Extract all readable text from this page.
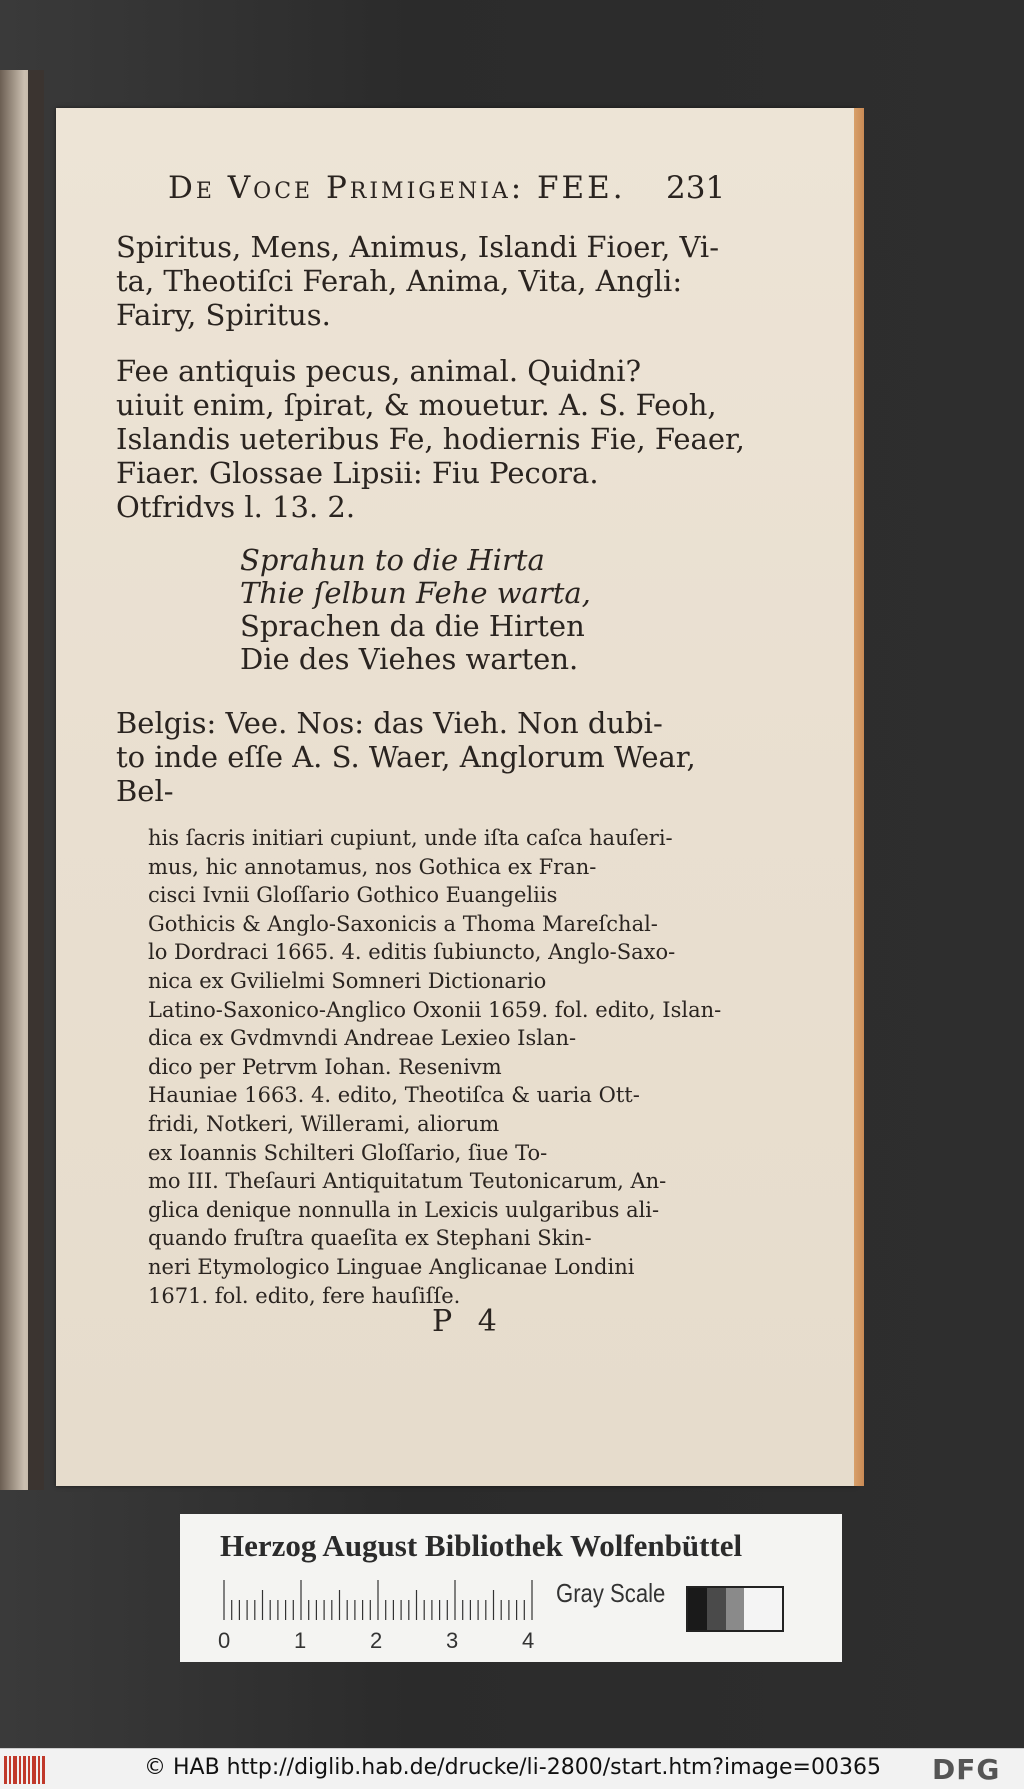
De Voce Primigenia: FEE. 231
Spiritus, Mens, Animus, Islandi Fioer, Vi-
ta, Theotiſci Ferah, Anima, Vita, Angli:
Fairy, Spiritus.
Fee antiquis pecus, animal. Quidni?
uiuit enim, ſpirat, & mouetur. A. S. Feoh,
Islandis ueteribus Fe, hodiernis Fie, Feaer,
Fiaer. Glossae Lipsii: Fiu Pecora.
Otfridvs l. 13. 2.
Sprahun to die Hirta
Thie ſelbun Fehe warta,
Sprachen da die Hirten
Die des Viehes warten.
Belgis: Vee. Nos: das Vieh. Non dubi-
to inde eſſe A. S. Waer, Anglorum Wear,
Bel-
his ſacris initiari cupiunt, unde iſta caſca hauſeri-
mus, hic annotamus, nos Gothica ex Fran-
cisci Ivnii Gloſſario Gothico Euangeliis
Gothicis & Anglo-Saxonicis a Thoma Mareſchal-
lo Dordraci 1665. 4. editis ſubiuncto, Anglo-Saxo-
nica ex Gvilielmi Somneri Dictionario
Latino-Saxonico-Anglico Oxonii 1659. fol. edito, Islan-
dica ex Gvdmvndi Andreae Lexieo Islan-
dico per Petrvm Iohan. Resenivm
Hauniae 1663. 4. edito, Theotiſca & uaria Ott-
fridi, Notkeri, Willerami, aliorum
ex Ioannis Schilteri Gloſſario, ſiue To-
mo III. Theſauri Antiquitatum Teutonicarum, An-
glica denique nonnulla in Lexicis uulgaribus ali-
quando fruſtra quaeſita ex Stephani Skin-
neri Etymologico Linguae Anglicanae Londini
1671. fol. edito, fere hauſiſſe.
P 4
Herzog August Bibliothek Wolfenbüttel
0	1	2	3	4
Gray Scale
© HAB http://diglib.hab.de/drucke/li-2800/start.htm?image=00365 DFG
